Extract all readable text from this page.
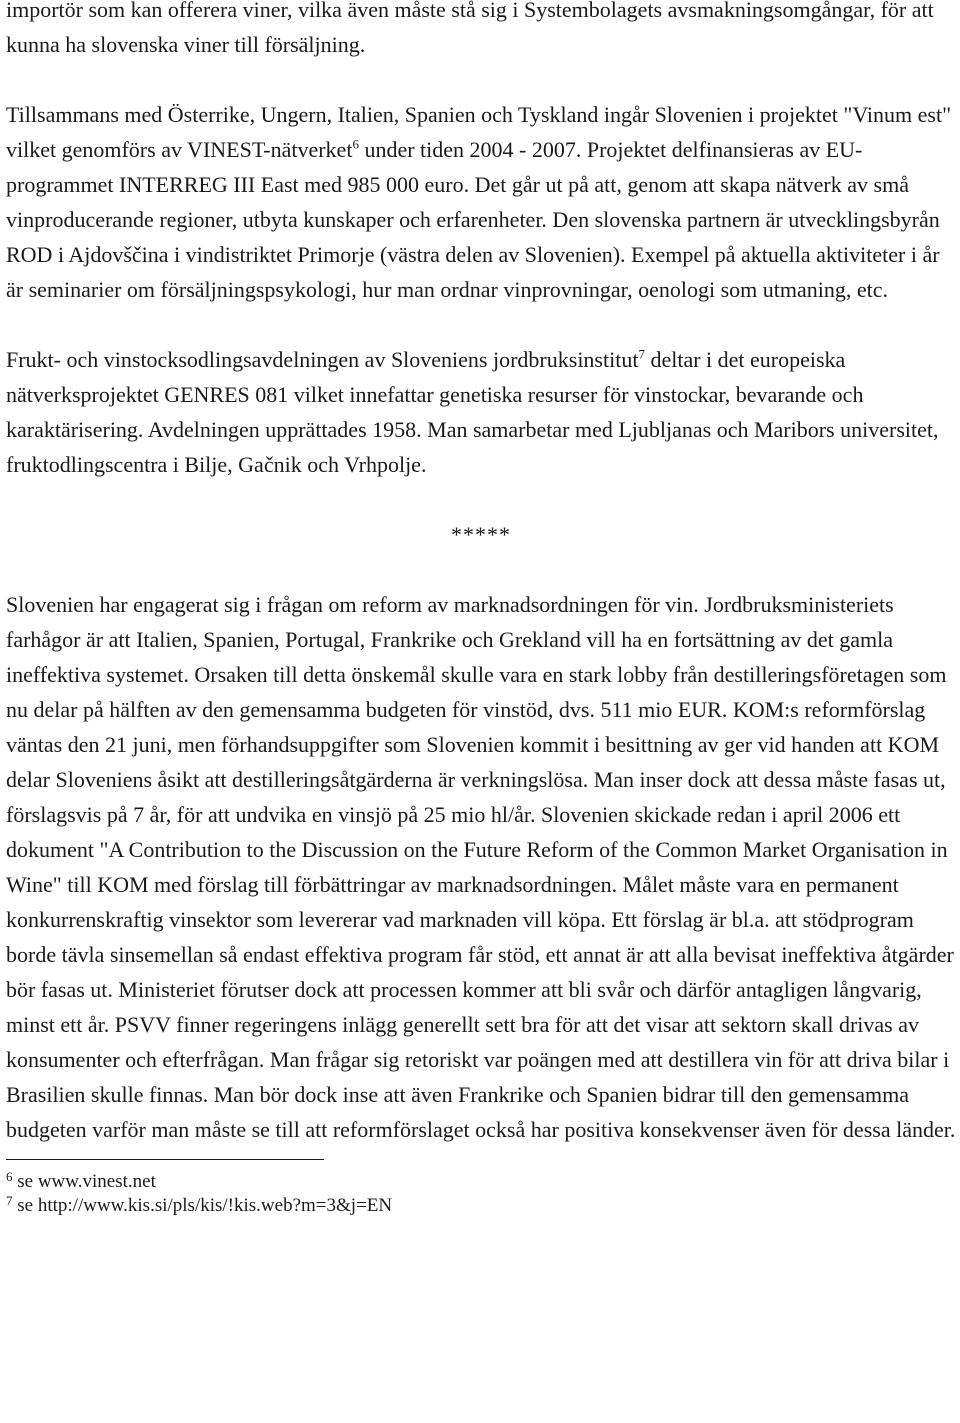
importör som kan offerera viner, vilka även måste stå sig i Systembolagets avsmakningsomgångar, för att kunna ha slovenska viner till försäljning.

Tillsammans med Österrike, Ungern, Italien, Spanien och Tyskland ingår Slovenien i projektet "Vinum est" vilket genomförs av VINEST-nätverket$^6$ under tiden 2004 - 2007. Projektet delfinansieras av EU-programmet INTERREG III East med 985 000 euro. Det går ut på att, genom att skapa nätverk av små vinproducerande regioner, utbyta kunskaper och erfarenheter. Den slovenska partnern är utvecklingsbyrån ROD i Ajdovščina i vindistriktet Primorje (västra delen av Slovenien). Exempel på aktuella aktiviteter i år är seminarier om försäljningspsykologi, hur man ordnar vinprovningar, oenologi som utmaning, etc.

Frukt- och vinstocksodlingsavdelningen av Sloveniens jordbruksinstitut$^7$ deltar i det europeiska nätverksprojektet GENRES 081 vilket innefattar genetiska resurser för vinstockar, bevarande och karaktärisering. Avdelningen upprättades 1958. Man samarbetar med Ljubljanas och Maribors universitet, fruktodlingscentra i Bilje, Gačnik och Vrhpolje.

*****

Slovenien har engagerat sig i frågan om reform av marknadsordningen för vin. Jordbruksministeriets farhågor är att Italien, Spanien, Portugal, Frankrike och Grekland vill ha en fortsättning av det gamla ineffektiva systemet. Orsaken till detta önskemål skulle vara en stark lobby från destilleringsföretagen som nu delar på hälften av den gemensamma budgeten för vinstöd, dvs. 511 mio EUR. KOM:s reformförslag väntas den 21 juni, men förhandsuppgifter som Slovenien kommit i besittning av ger vid handen att KOM delar Sloveniens åsikt att destilleringsåtgärderna är verkningslösa. Man inser dock att dessa måste fasas ut, förslagsvis på 7 år, för att undvika en vinsjö på 25 mio hl/år. Slovenien skickade redan i april 2006 ett dokument "A Contribution to the Discussion on the Future Reform of the Common Market Organisation in Wine" till KOM med förslag till förbättringar av marknadsordningen. Målet måste vara en permanent konkurrenskraftig vinsektor som levererar vad marknaden vill köpa. Ett förslag är bl.a. att stödprogram borde tävla sinsemellan så endast effektiva program får stöd, ett annat är att alla bevisat ineffektiva åtgärder bör fasas ut. Ministeriet förutser dock att processen kommer att bli svår och därför antagligen långvarig, minst ett år. PSVV finner regeringens inlägg generellt sett bra för att det visar att sektorn skall drivas av konsumenter och efterfrågan. Man frågar sig retoriskt var poängen med att destillera vin för att driva bilar i Brasilien skulle finnas. Man bör dock inse att även Frankrike och Spanien bidrar till den gemensamma budgeten varför man måste se till att reformförslaget också har positiva konsekvenser även för dessa länder.

$^6$ se www.vinest.net

$^7$ se http://www.kis.si/pls/kis/!kis.web?m=3&j=EN
